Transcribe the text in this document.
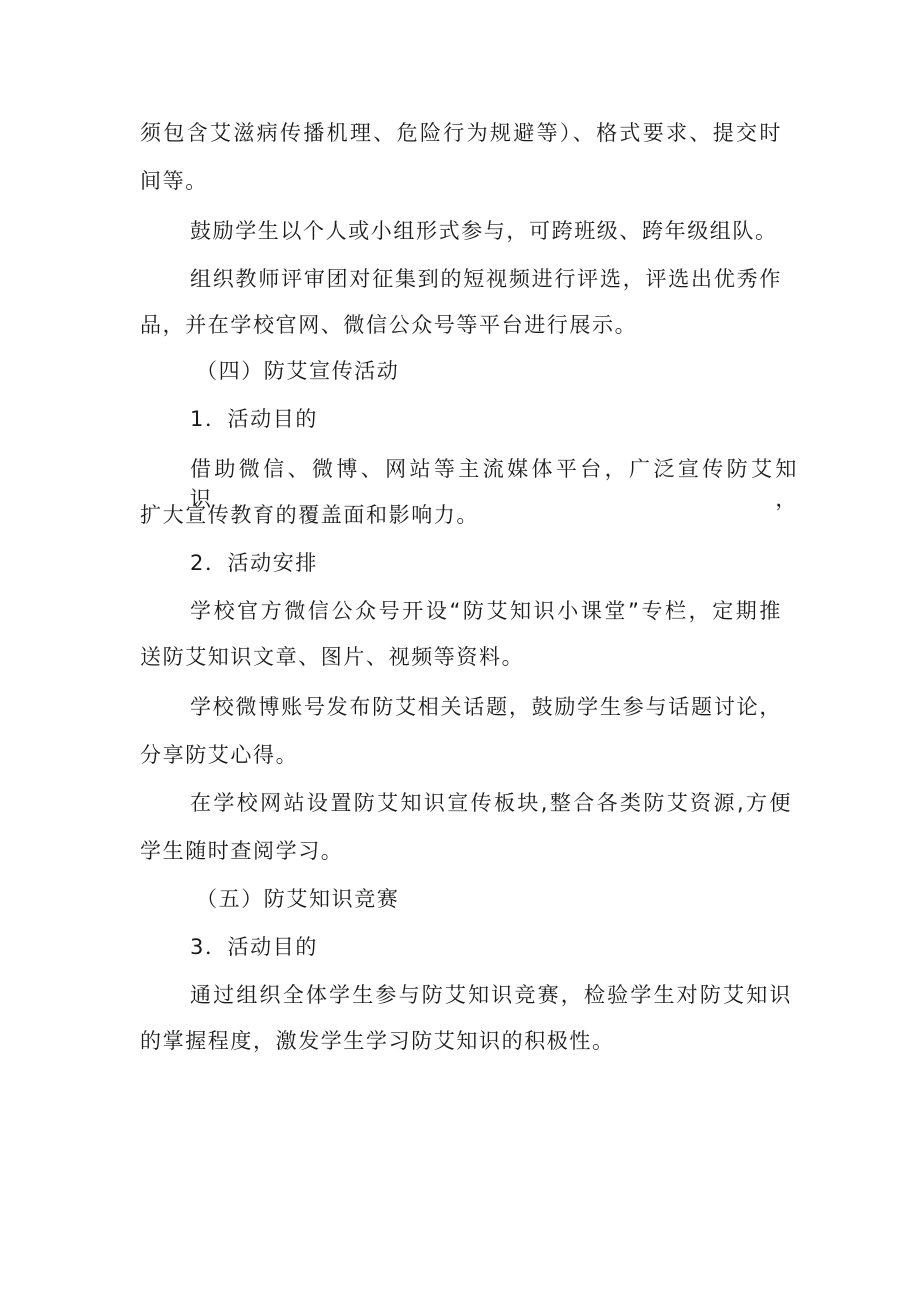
须包含艾滋病传播机理、危险行为规避等）、格式要求、提交时
间等。
鼓励学生以个人或小组形式参与，可跨班级、跨年级组队。
组织教师评审团对征集到的短视频进行评选，评选出优秀作
品，并在学校官网、微信公众号等平台进行展示。
（四）防艾宣传活动
1．活动目的
借助微信、微博、网站等主流媒体平台，广泛宣传防艾知识，
扩大宣传教育的覆盖面和影响力。
2．活动安排
学校官方微信公众号开设“防艾知识小课堂”专栏，定期推
送防艾知识文章、图片、视频等资料。
学校微博账号发布防艾相关话题，鼓励学生参与话题讨论，
分享防艾心得。
在学校网站设置防艾知识宣传板块,整合各类防艾资源,方便
学生随时查阅学习。
（五）防艾知识竞赛
3．活动目的
通过组织全体学生参与防艾知识竞赛，检验学生对防艾知识
的掌握程度，激发学生学习防艾知识的积极性。
